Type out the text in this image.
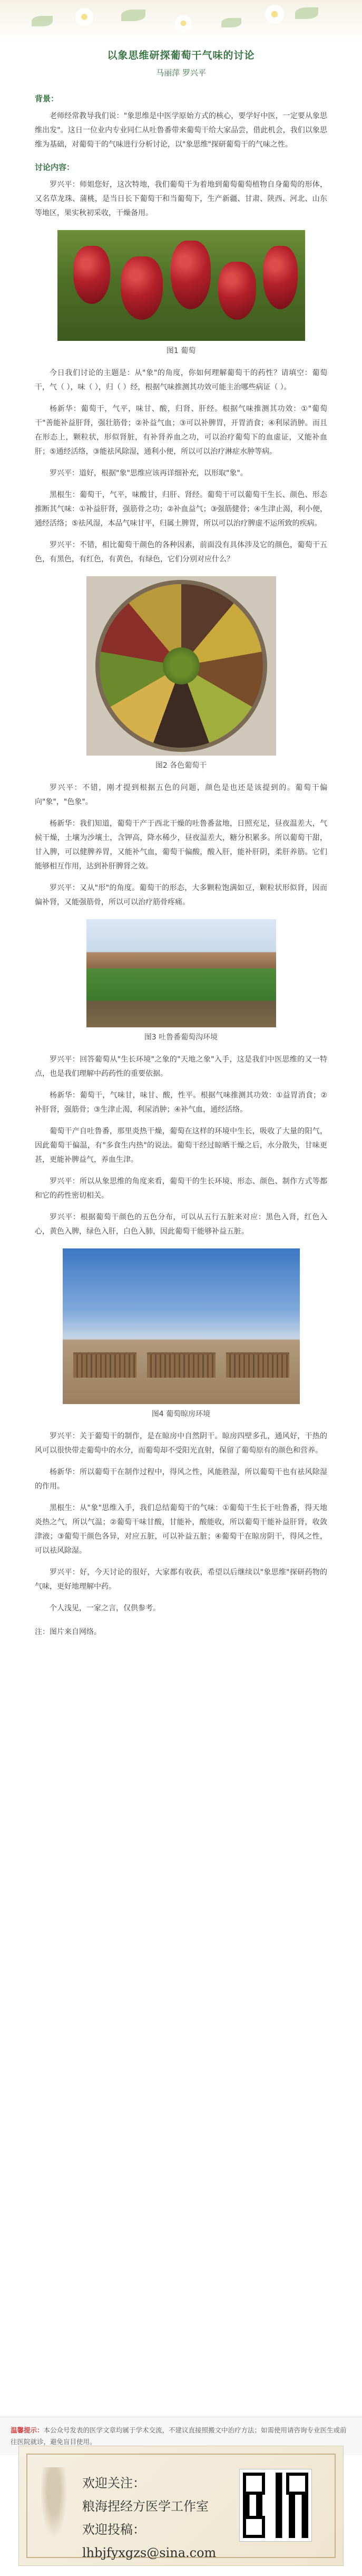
以象思维研探葡萄干气味的讨论
马丽萍 罗兴平
背景：

老师经常教导我们说："象思维是中医学原始方式的核心，要学好中医，一定要从象思维出发"。这日一位业内专业同仁从吐鲁番带来葡萄干给大家品尝，借此机会，我们以象思维为基础，对葡萄干的气味进行分析讨论，以"象思维"探研葡萄干的气味之性。

讨论内容：

罗兴平：师姐您好，这次特地，我们葡萄干为着地到葡萄葡萄植物自身葡萄的形体，又名草龙珠、蒲桃，是当日长下葡萄干和当葡萄下，生产新疆、甘肃、陕西、河北、山东等地区，果实秋初采收，干燥备用。

图1 葡萄

今日我们讨论的主题是：从"象"的角度，你如何理解葡萄干的药性？请填空：葡萄干，气（ ），味（ ），归（ ）经，根据气味推测其功效可能主治哪些病证（ ）。

杨新华：葡萄干，气平，味甘、酸，归肾、肝经。根据气味推测其功效：①"葡萄干"善能补益肝肾，强壮筋骨；②补益气血；③可以补脾胃，开胃消食；④利尿消肿。而且在形态上，颗粒状，形似肾脏，有补肾养血之功，可以治疗葡萄下的血虚证，又能补血肝；⑤通经活络，③能祛风除湿，通利小便，所以可以治疗淋症水肿等病。

罗兴平：道好，根据"象"思维应该再详细补充，以形取"象"。

黑根生：葡萄干，气平，味酸甘，归肝、肾经。葡萄干可以葡萄干生长、颜色、形态推断其气味：①补益肝肾，强筋骨之功；②补血益气；③强筋健骨；④生津止渴，利小便，通经活络；⑤祛风湿，本品气味甘平，归属土脾胃，所以可以治疗脾虚不运所致的疾病。

罗兴平：不错，相比葡萄干颜色的各种因素，前面没有具体涉及它的颜色，葡萄干五色，有黑色，有红色，有黄色，有绿色，它们分别对应什么？

图2 各色葡萄干

罗兴平：不错，刚才提到根据五色的问题，颜色是也还是该提到的。葡萄干偏向"象"，"色象"。

杨新华：我们知道，葡萄干产于西北干燥的吐鲁番盆地，日照充足，昼夜温差大，气候干燥，土壤为沙壤土，含钾高，降水稀少，昼夜温差大，糖分积累多。所以葡萄干甜，甘入脾，可以健脾养胃，又能补气血，葡萄干偏酸，酸入肝，能补肝阴，柔肝养筋。它们能够相互作用，达到补肝脾肾之效。

罗兴平：又从"形"的角度。葡萄干的形态，大多颗粒饱满如豆，颗粒状形似肾，因而偏补肾，又能强筋骨，所以可以治疗筋骨疼痛。

图3 吐鲁番葡萄沟环境

罗兴平：回答葡萄从"生长环境"之象的"天地之象"入手，这是我们中医思维的又一特点，也是我们理解中药药性的重要依据。

杨新华：葡萄干，气味甘，味甘、酸，性平。根据气味推测其功效：①益胃消食；②补肝肾，强筋骨；③生津止渴，利尿消肿；④补气血，通经活络。

葡萄干产自吐鲁番，那里炎热干燥，葡萄在这样的环境中生长，吸收了大量的阳气，因此葡萄干偏温，有"多食生内热"的说法。葡萄干经过晾晒干燥之后，水分散失，甘味更甚，更能补脾益气，养血生津。

罗兴平：所以从象思维的角度来看，葡萄干的生长环境、形态、颜色、制作方式等都和它的药性密切相关。

罗兴平：根据葡萄干颜色的五色分布，可以从五行五脏来对应：黑色入肾，红色入心，黄色入脾，绿色入肝，白色入肺，因此葡萄干能够补益五脏。

图4 葡萄晾房环境

罗兴平：关于葡萄干的制作，是在晾房中自然阴干。晾房四壁多孔，通风好，干热的风可以很快带走葡萄中的水分，而葡萄却不受阳光直射，保留了葡萄原有的颜色和营养。

杨新华：所以葡萄干在制作过程中，得风之性，风能胜湿，所以葡萄干也有祛风除湿的作用。

黑根生：从"象"思维入手，我们总结葡萄干的气味：①葡萄干生长于吐鲁番，得天地炎热之气，所以气温；②葡萄干味甘酸，甘能补，酸能收，所以葡萄干能补益肝肾，收敛津液；③葡萄干颜色各异，对应五脏，可以补益五脏；④葡萄干在晾房阴干，得风之性，可以祛风除湿。

罗兴平：好，今天讨论的很好，大家都有收获，希望以后继续以"象思维"探研药物的气味，更好地理解中药。

个人浅见，一家之言，仅供参考。

注：图片来自网络。
温馨提示：本公众号发表的医学文章均属于学术交流，不建议直接照搬文中治疗方法；如需使用请咨询专业医生或前往医院就诊，避免盲目使用。
欢迎关注：
粮海捏经方医学工作室
欢迎投稿：
lhbjfyxgzs@sina.com
